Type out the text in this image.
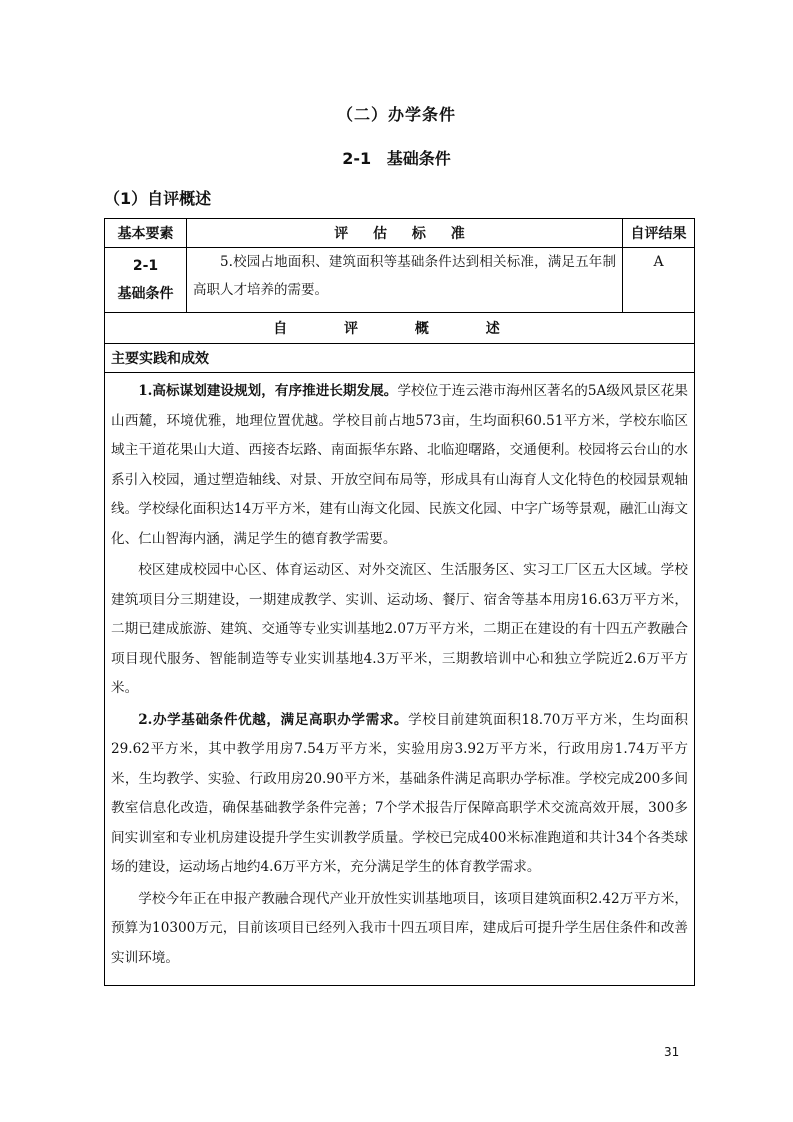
（二）办学条件
2-1 基础条件
（1）自评概述
基本要素	评 估 标 准	自评结果

2-1
基础条件	5.校园占地面积、建筑面积等基础条件达到相关标准，满足五年制高职人才培养的需要。	A
自 评 概 述		
主要实践和成效		

1.高标谋划建设规划，有序推进长期发展。学校位于连云港市海州区著名的5A级风景区花果山西麓，环境优雅，地理位置优越。学校目前占地573亩，生均面积60.51平方米，学校东临区域主干道花果山大道、西接杏坛路、南面振华东路、北临迎曙路，交通便利。校园将云台山的水系引入校园，通过塑造轴线、对景、开放空间布局等，形成具有山海育人文化特色的校园景观轴线。学校绿化面积达14万平方米，建有山海文化园、民族文化园、中字广场等景观，融汇山海文化、仁山智海内涵，满足学生的德育教学需要。

校区建成校园中心区、体育运动区、对外交流区、生活服务区、实习工厂区五大区域。学校建筑项目分三期建设，一期建成教学、实训、运动场、餐厅、宿舍等基本用房16.63万平方米，二期已建成旅游、建筑、交通等专业实训基地2.07万平方米，二期正在建设的有十四五产教融合项目现代服务、智能制造等专业实训基地4.3万平米，三期教培训中心和独立学院近2.6万平方米。

2.办学基础条件优越，满足高职办学需求。学校目前建筑面积18.70万平方米，生均面积29.62平方米，其中教学用房7.54万平方米，实验用房3.92万平方米，行政用房1.74万平方米，生均教学、实验、行政用房20.90平方米，基础条件满足高职办学标准。学校完成200多间教室信息化改造，确保基础教学条件完善；7个学术报告厅保障高职学术交流高效开展，300多间实训室和专业机房建设提升学生实训教学质量。学校已完成400米标准跑道和共计34个各类球场的建设，运动场占地约4.6万平方米，充分满足学生的体育教学需求。

学校今年正在申报产教融合现代产业开放性实训基地项目，该项目建筑面积2.42万平方米，预算为10300万元，目前该项目已经列入我市十四五项目库，建成后可提升学生居住条件和改善实训环境。		

31
